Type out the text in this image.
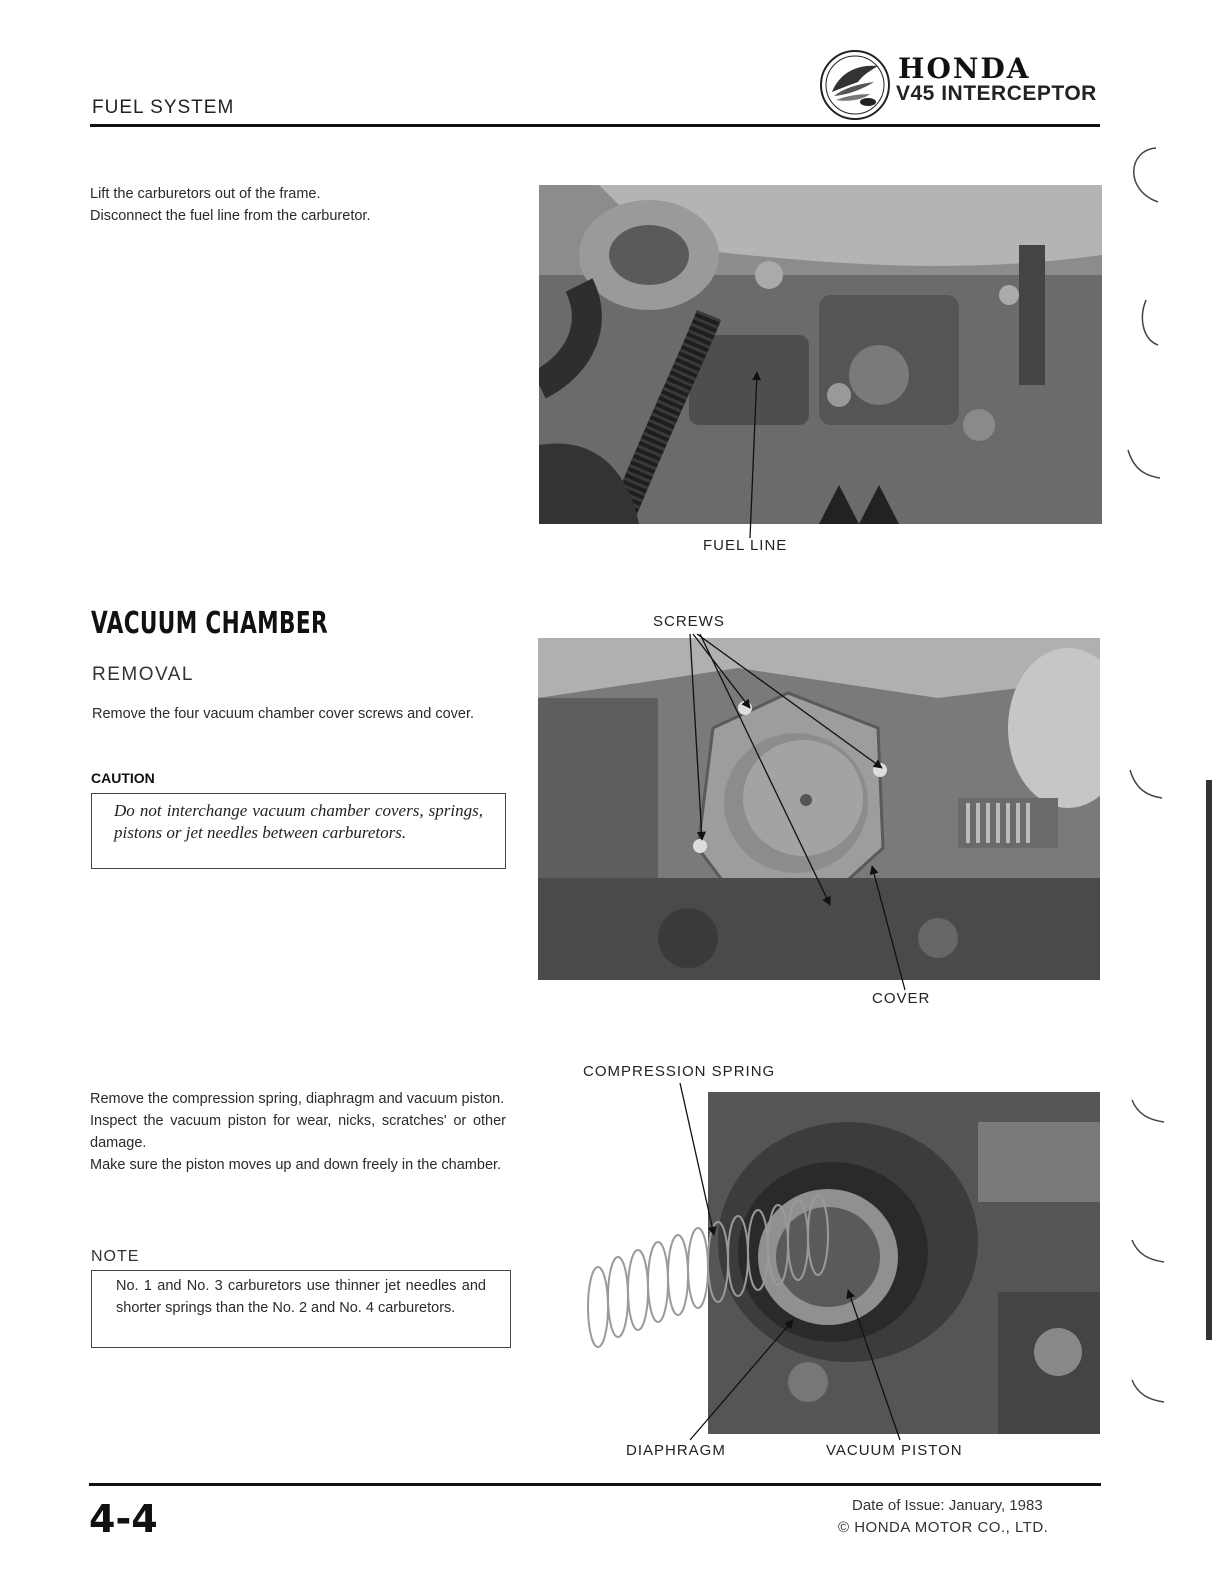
FUEL SYSTEM
HONDA
V45 INTERCEPTOR
Lift the carburetors out of the frame.
Disconnect the fuel line from the carburetor.
VACUUM CHAMBER
REMOVAL
Remove the four vacuum chamber cover screws and cover.
CAUTION
Do not interchange vacuum chamber covers, springs, pistons or jet needles between carburetors.
Remove the compression spring, diaphragm and vacuum piston.
Inspect the vacuum piston for wear, nicks, scratches' or other damage.
Make sure the piston moves up and down freely in the chamber.
NOTE
No. 1 and No. 3 carburetors use thinner jet needles and shorter springs than the No. 2 and No. 4 carburetors.
FUEL LINE
SCREWS
COVER
COMPRESSION SPRING
DIAPHRAGM	VACUUM PISTON
4-4	Date of Issue: January, 1983
© HONDA MOTOR CO., LTD.
